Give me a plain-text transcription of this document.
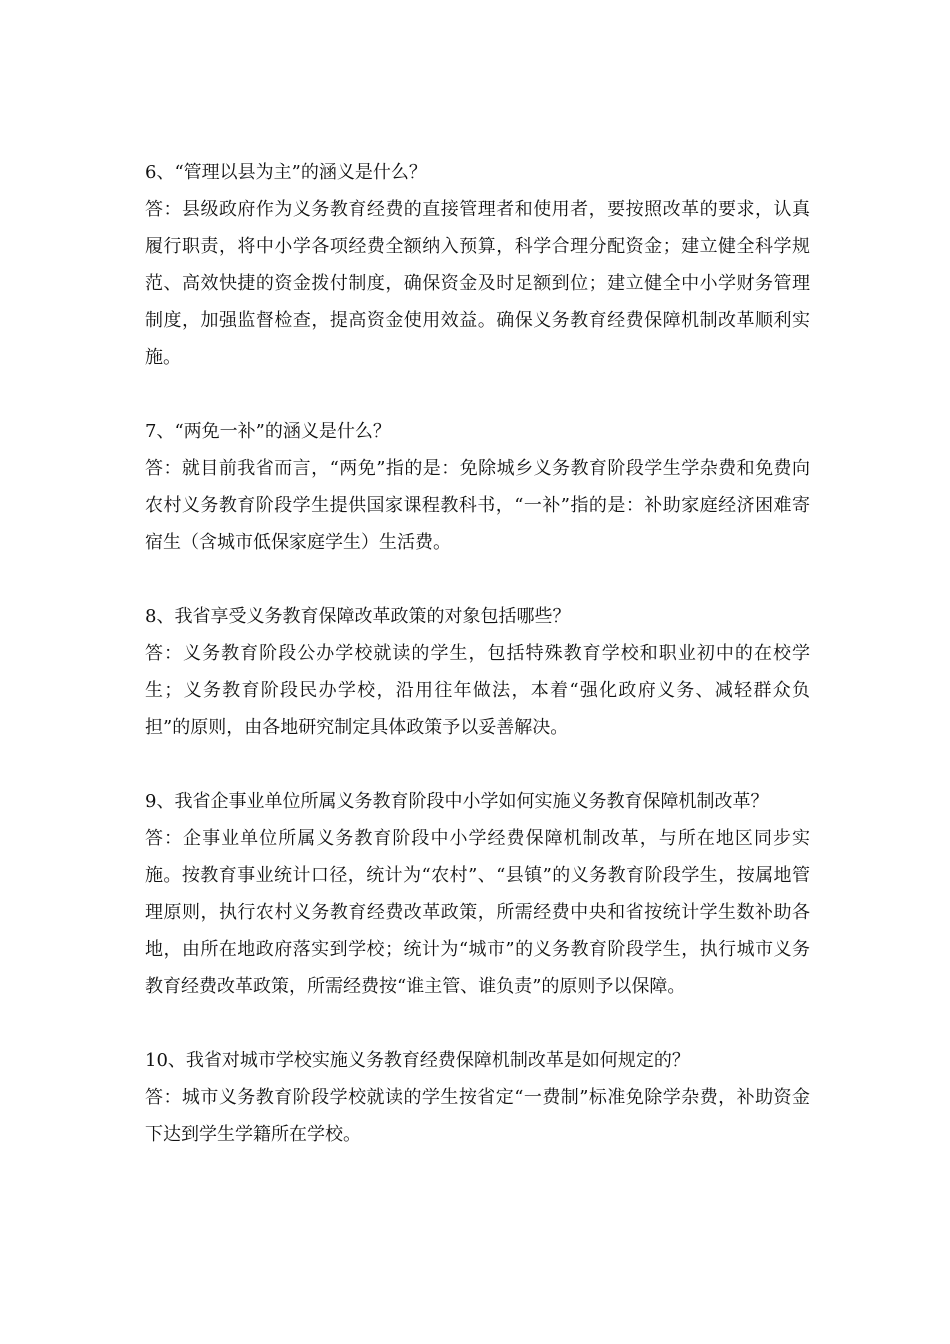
6、“管理以县为主”的涵义是什么？

答：县级政府作为义务教育经费的直接管理者和使用者，要按照改革的要求，认真履行职责，将中小学各项经费全额纳入预算，科学合理分配资金；建立健全科学规范、高效快捷的资金拨付制度，确保资金及时足额到位；建立健全中小学财务管理制度，加强监督检查，提高资金使用效益。确保义务教育经费保障机制改革顺利实施。

7、“两免一补”的涵义是什么？

答：就目前我省而言，“两免”指的是：免除城乡义务教育阶段学生学杂费和免费向农村义务教育阶段学生提供国家课程教科书，“一补”指的是：补助家庭经济困难寄宿生（含城市低保家庭学生）生活费。

8、我省享受义务教育保障改革政策的对象包括哪些？

答：义务教育阶段公办学校就读的学生，包括特殊教育学校和职业初中的在校学生；义务教育阶段民办学校，沿用往年做法，本着“强化政府义务、减轻群众负担”的原则，由各地研究制定具体政策予以妥善解决。

9、我省企事业单位所属义务教育阶段中小学如何实施义务教育保障机制改革？

答：企事业单位所属义务教育阶段中小学经费保障机制改革，与所在地区同步实施。按教育事业统计口径，统计为“农村”、“县镇”的义务教育阶段学生，按属地管理原则，执行农村义务教育经费改革政策，所需经费中央和省按统计学生数补助各地，由所在地政府落实到学校；统计为“城市”的义务教育阶段学生，执行城市义务教育经费改革政策，所需经费按“谁主管、谁负责”的原则予以保障。

10、我省对城市学校实施义务教育经费保障机制改革是如何规定的？

答：城市义务教育阶段学校就读的学生按省定“一费制”标准免除学杂费，补助资金下达到学生学籍所在学校。
